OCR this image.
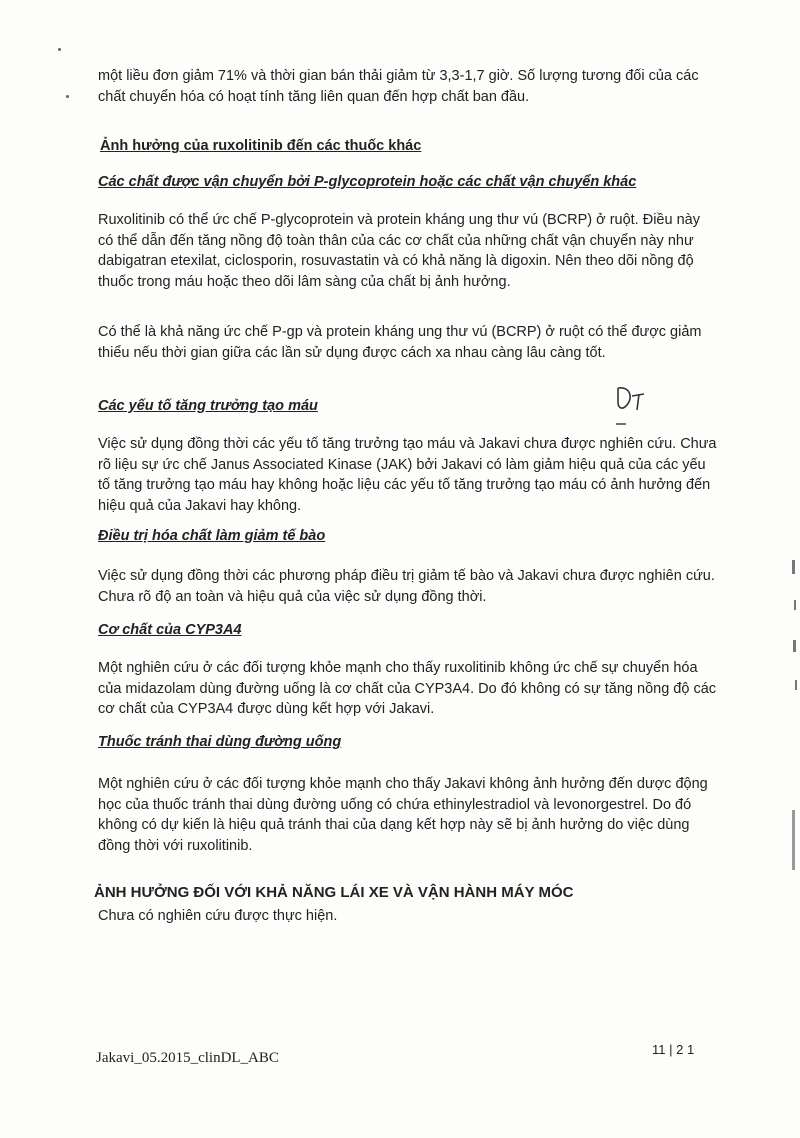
một liều đơn giảm 71% và thời gian bán thải giảm từ 3,3-1,7 giờ. Số lượng tương đối của các chất chuyển hóa có hoạt tính tăng liên quan đến hợp chất ban đầu.

Ảnh hưởng của ruxolitinib đến các thuốc khác
Các chất được vận chuyển bởi P-glycoprotein hoặc các chất vận chuyển khác

Ruxolitinib có thể ức chế P-glycoprotein và protein kháng ung thư vú (BCRP) ở ruột. Điều này có thể dẫn đến tăng nồng độ toàn thân của các cơ chất của những chất vận chuyển này như dabigatran etexilat, ciclosporin, rosuvastatin và có khả năng là digoxin. Nên theo dõi nồng độ thuốc trong máu hoặc theo dõi lâm sàng của chất bị ảnh hưởng.

Có thể là khả năng ức chế P-gp và protein kháng ung thư vú (BCRP) ở ruột có thể được giảm thiểu nếu thời gian giữa các lần sử dụng được cách xa nhau càng lâu càng tốt.

Các yếu tố tăng trưởng tạo máu

Việc sử dụng đồng thời các yếu tố tăng trưởng tạo máu và Jakavi chưa được nghiên cứu. Chưa rõ liệu sự ức chế Janus Associated Kinase (JAK) bởi Jakavi có làm giảm hiệu quả của các yếu tố tăng trưởng tạo máu hay không hoặc liệu các yếu tố tăng trưởng tạo máu có ảnh hưởng đến hiệu quả của Jakavi hay không.

Điều trị hóa chất làm giảm tế bào

Việc sử dụng đồng thời các phương pháp điều trị giảm tế bào và Jakavi chưa được nghiên cứu. Chưa rõ độ an toàn và hiệu quả của việc sử dụng đồng thời.

Cơ chất của CYP3A4

Một nghiên cứu ở các đối tượng khỏe mạnh cho thấy ruxolitinib không ức chế sự chuyển hóa của midazolam dùng đường uống là cơ chất của CYP3A4. Do đó không có sự tăng nồng độ các cơ chất của CYP3A4 được dùng kết hợp với Jakavi.

Thuốc tránh thai dùng đường uống

Một nghiên cứu ở các đối tượng khỏe mạnh cho thấy Jakavi không ảnh hưởng đến dược động học của thuốc tránh thai dùng đường uống có chứa ethinylestradiol và levonorgestrel. Do đó không có dự kiến là hiệu quả tránh thai của dạng kết hợp này sẽ bị ảnh hưởng do việc dùng đồng thời với ruxolitinib.

ẢNH HƯỞNG ĐỐI VỚI KHẢ NĂNG LÁI XE VÀ VẬN HÀNH MÁY MÓC

Chưa có nghiên cứu được thực hiện.

Jakavi_05.2015_clinDL_ABC
11 | 2 1
